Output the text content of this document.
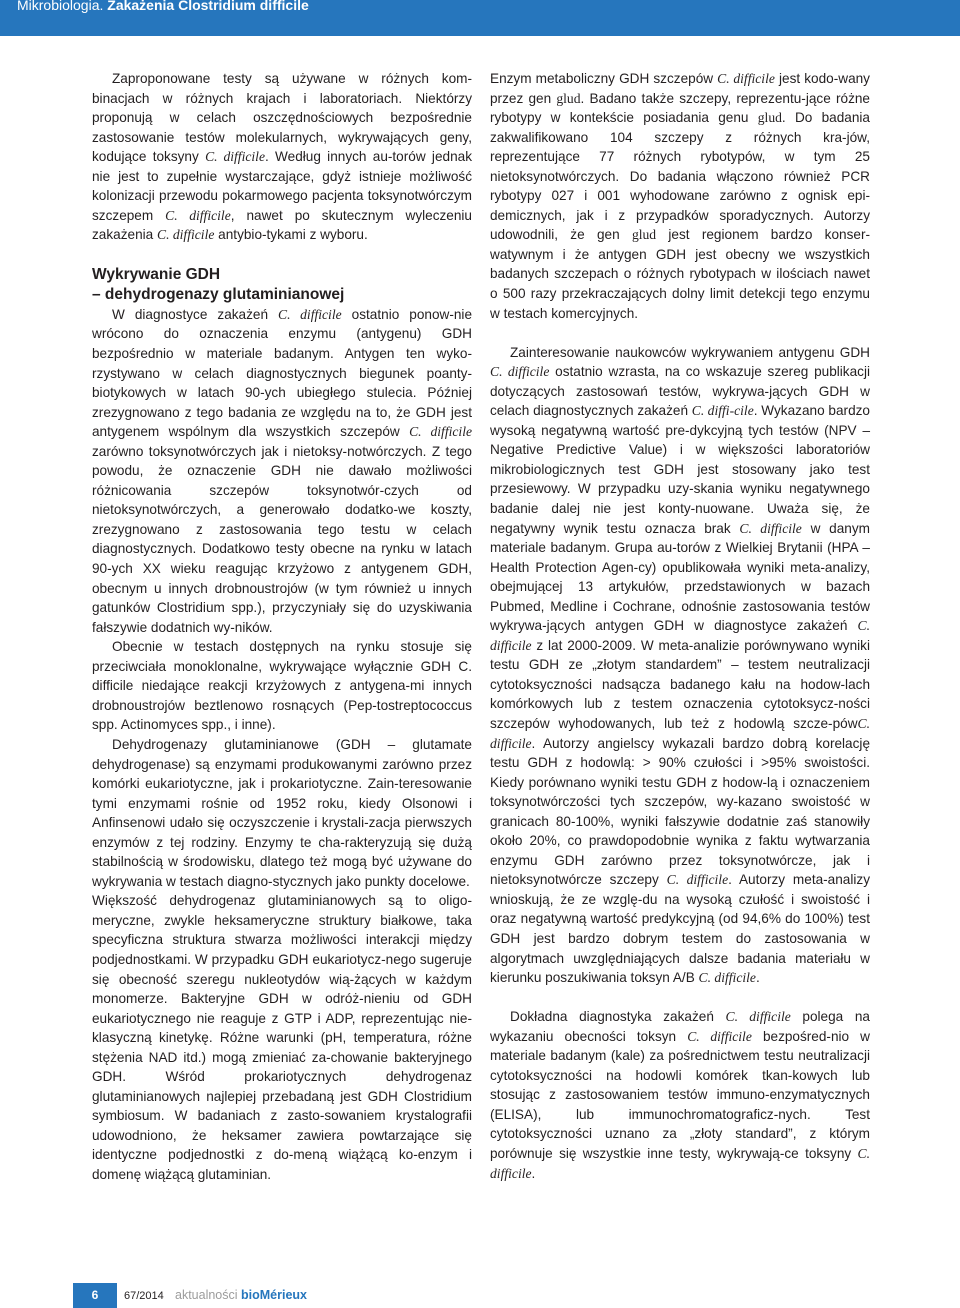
Mikrobiologia. Zakażenia Clostridium difficile

Zaproponowane testy są używane w różnych kom-binacjach w różnych krajach i laboratoriach. Niektórzy proponują w celach oszczędnościowych bezpośrednie zastosowanie testów molekularnych, wykrywających geny, kodujące toksyny C. difficile. Według innych au-torów jednak nie jest to zupełnie wystarczające, gdyż istnieje możliwość kolonizacji przewodu pokarmowego pacjenta toksynotwórczym szczepem C. difficile, nawet po skutecznym wyleczeniu zakażenia C. difficile antybio-tykami z wyboru.

Wykrywanie GDH

– dehydrogenazy glutaminianowej

W diagnostyce zakażeń C. difficile ostatnio ponow-nie wrócono do oznaczenia enzymu (antygenu) GDH bezpośrednio w materiale badanym. Antygen ten wyko-rzystywano w celach diagnostycznych biegunek poanty-biotykowych w latach 90-ych ubiegłego stulecia. Później zrezygnowano z tego badania ze względu na to, że GDH jest antygenem wspólnym dla wszystkich szczepów C. difficile zarówno toksynotwórczych jak i nietoksy-notwórczych. Z tego powodu, że oznaczenie GDH nie dawało możliwości różnicowania szczepów toksynotwór-czych od nietoksynotwórczych, a generowało dodatko-we koszty, zrezygnowano z zastosowania tego testu w celach diagnostycznych. Dodatkowo testy obecne na rynku w latach 90-ych XX wieku reagując krzyżowo z antygenem GDH, obecnym u innych drobnoustrojów (w tym również u innych gatunków Clostridium spp.), przyczyniały się do uzyskiwania fałszywie dodatnich wy-ników.

Obecnie w testach dostępnych na rynku stosuje się przeciwciała monoklonalne, wykrywające wyłącznie GDH C. difficile niedające reakcji krzyżowych z antygena-mi innych drobnoustrojów beztlenowo rosnących (Pep-tostreptococcus spp. Actinomyces spp., i inne).

Dehydrogenazy glutaminianowe (GDH – glutamate dehydrogenase) są enzymami produkowanymi zarówno przez komórki eukariotyczne, jak i prokariotyczne. Zain-teresowanie tymi enzymami rośnie od 1952 roku, kiedy Olsonowi i Anfinsenowi udało się oczyszczenie i krystali-zacja pierwszych enzymów z tej rodziny. Enzymy te cha-rakteryzują się dużą stabilnością w środowisku, dlatego też mogą być używane do wykrywania w testach diagno-stycznych jako punkty docelowe.

Większość dehydrogenaz glutaminianowych są to oligo-meryczne, zwykle heksamerycznе struktury białkowe, taka specyficzna struktura stwarza możliwości interakcji między podjednostkami. W przypadku GDH eukariotycz-nego sugeruje się obecność szeregu nukleotydów wią-żących w każdym monomerze. Bakteryjne GDH w odróż-nieniu od GDH eukariotycznego nie reaguje z GTP i ADP, reprezentując nie-klasyczną kinetykę. Różne warunki (pH, temperatura, różne stężenia NAD itd.) mogą zmieniać za-chowanie bakteryjnego GDH. Wśród prokariotycznych dehydrogenaz glutaminianowych najlepiej przebadaną jest GDH Clostridium symbiosum. W badaniach z zasto-sowaniem krystalografii udowodniono, że heksamer zawiera powtarzające się identyczne podjednostki z do-meną wiążącą ko-enzym i domenę wiążącą glutaminian.

Enzym metaboliczny GDH szczepów C. difficile jest kodo-wany przez gen glud. Badano także szczepy, reprezentu-jące różne rybotypy w kontekście posiadania genu glud. Do badania zakwalifikowano 104 szczepy z różnych kra-jów, reprezentujące 77 różnych rybotypów, w tym 25 nietoksynotwórczych. Do badania włączono również PCR rybotypy 027 i 001 wyhodowane zarówno z ognisk epi-demicznych, jak i z przypadków sporadycznych. Autorzy udowodnili, że gen glud jest regionem bardzo konser-watywnym i że antygen GDH jest obecny we wszystkich badanych szczepach o różnych rybotypach w ilościach nawet o 500 razy przekraczających dolny limit detekcji tego enzymu w testach komercyjnych.

Zainteresowanie naukowców wykrywaniem antygenu GDH C. difficile ostatnio wzrasta, na co wskazuje szereg publikacji dotyczących zastosowań testów, wykrywa-jących GDH w celach diagnostycznych zakażeń C. diffi-cile. Wykazano bardzo wysoką negatywną wartość pre-dykcyjną tych testów (NPV – Negative Predictive Value) i w większości laboratoriów mikrobiologicznych test GDH jest stosowany jako test przesiewowy. W przypadku uzy-skania wyniku negatywnego badanie dalej nie jest konty-nuowane. Uważa się, że negatywny wynik testu oznacza brak C. difficile w danym materiale badanym. Grupa au-torów z Wielkiej Brytanii (HPA – Health Protection Agen-cy) opublikowała wyniki meta-analizy, obejmującej 13 artykułów, przedstawionych w bazach Pubmed, Medline i Cochrane, odnośnie zastosowania testów wykrywa-jących antygen GDH w diagnostyce zakażeń C. difficile z lat 2000-2009. W meta-analizie porównywano wyniki testu GDH ze „złotym standardem” – testem neutralizacji cytotoksyczności nadsącza badanego kału na hodow-lach komórkowych lub z testem oznaczenia cytotoksycz-ności szczepów wyhodowanych, lub też z hodowlą szcze-pówC. difficile. Autorzy angielscy wykazali bardzo dobrą korelację testu GDH z hodowlą: > 90% czułości i >95% swoistości. Kiedy porównano wyniki testu GDH z hodow-lą i oznaczeniem toksynotwórczości tych szczepów, wy-kazano swoistość w granicach 80-100%, wyniki fałszywie dodatnie zaś stanowiły około 20%, co prawdopodobnie wynika z faktu wytwarzania enzymu GDH zarówno przez toksynotwórcze, jak i nietoksynotwórcze szczepy C. difficile. Autorzy meta-analizy wnioskują, że ze wzglę-du na wysoką czułość i swoistość i oraz negatywną wartość predykcyjną (od 94,6% do 100%) test GDH jest bardzo dobrym testem do zastosowania w algorytmach uwzględniających dalsze badania materiału w kierunku poszukiwania toksyn A/B C. difficile.

Dokładna diagnostyka zakażeń C. difficile polega na wykazaniu obecności toksyn C. difficile bezpośred-nio w materiale badanym (kale) za pośrednictwem testu neutralizacji cytotoksyczności na hodowli komórek tkan-kowych lub stosując z zastosowaniem testów immuno-enzymatycznych (ELISA), lub immunochromatograficz-nych. Test cytotoksyczności uznano za „złoty standard”, z którym porównuje się wszystkie inne testy, wykrywają-ce toksyny C. difficile.

6	67/2014 aktualności bioMérieux
